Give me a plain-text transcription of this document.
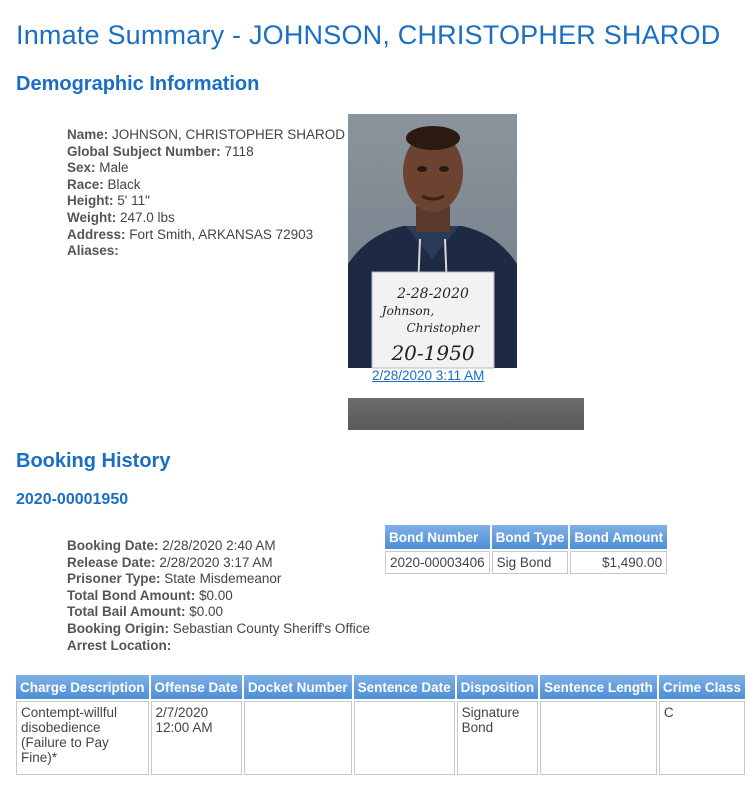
Inmate Summary - JOHNSON, CHRISTOPHER SHAROD
Demographic Information
Name: JOHNSON, CHRISTOPHER SHAROD
Global Subject Number: 7118
Sex: Male
Race: Black
Height: 5' 11"
Weight: 247.0 lbs
Address: Fort Smith, ARKANSAS 72903
Aliases:
2-28-2020
Johnson,
Christopher
20-1950
2/28/2020 3:11 AM
Booking History
2020-00001950
Booking Date: 2/28/2020 2:40 AM
Release Date: 2/28/2020 3:17 AM
Prisoner Type: State Misdemeanor
Total Bond Amount: $0.00
Total Bail Amount: $0.00
Booking Origin: Sebastian County Sheriff's Office
Arrest Location:
Bond Number	Bond Type	Bond Amount
2020-00003406	Sig Bond	$1,490.00
Charge Description	Offense Date	Docket Number	Sentence Date	Disposition	Sentence Length	Crime Class
Contempt-willful disobedience (Failure to Pay Fine)*	2/7/2020 12:00 AM			Signature Bond		C
